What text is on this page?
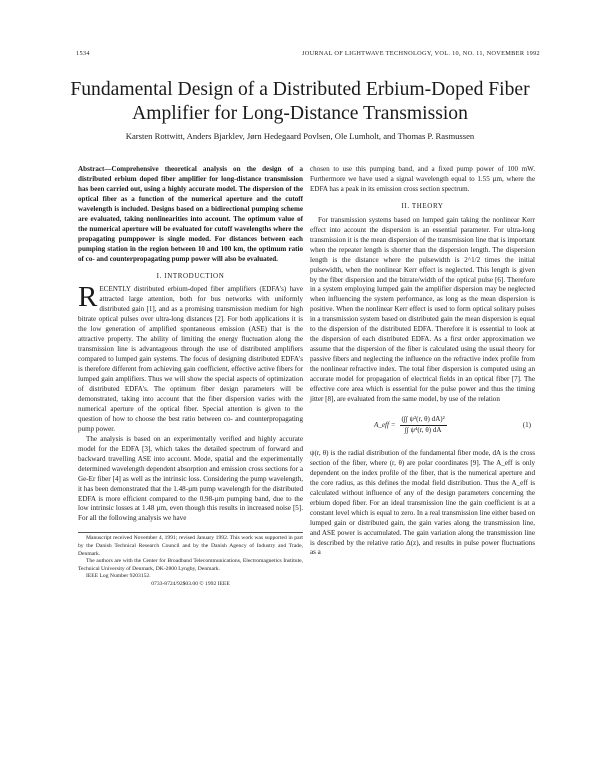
1534	JOURNAL OF LIGHTWAVE TECHNOLOGY, VOL. 10, NO. 11, NOVEMBER 1992
Fundamental Design of a Distributed Erbium-Doped Fiber Amplifier for Long-Distance Transmission
Karsten Rottwitt, Anders Bjarklev, Jørn Hedegaard Povlsen, Ole Lumholt, and Thomas P. Rasmussen

Abstract—Comprehensive theoretical analysis on the design of a distributed erbium doped fiber amplifier for long-distance transmission has been carried out, using a highly accurate model. The dispersion of the optical fiber as a function of the numerical aperture and the cutoff wavelength is included. Designs based on a bidirectional pumping scheme are evaluated, taking nonlinearities into account. The optimum value of the numerical aperture will be evaluated for cutoff wavelengths where the propagating pumppower is single moded. For distances between each pumping station in the region between 10 and 100 km, the optimum ratio of co- and counterpropagating pump power will also be evaluated.

I. INTRODUCTION

R ECENTLY distributed erbium-doped fiber amplifiers (EDFA's) have attracted large attention, both for bus networks with uniformly distributed gain [1], and as a promising transmission medium for high bitrate optical pulses over ultra-long distances [2]. For both applications it is the low generation of amplified spontaneous emission (ASE) that is the attractive property. The ability of limiting the energy fluctuation along the transmission line is advantageous through the use of distributed amplifiers compared to lumped gain systems. The focus of designing distributed EDFA's is therefore different from achieving gain coefficient, effective active fibers for lumped gain amplifiers. Thus we will show the special aspects of optimization of distributed EDFA's. The optimum fiber design parameters will be demonstrated, taking into account that the fiber dispersion varies with the numerical aperture of the optical fiber. Special attention is given to the question of how to choose the best ratio between co- and counterpropagating pump power.

The analysis is based on an experimentally verified and highly accurate model for the EDFA [3], which takes the detailed spectrum of forward and backward travelling ASE into account. Mode, spatial and the experimentally determined wavelength dependent absorption and emission cross sections for a Ge-Er fiber [4] as well as the intrinsic loss. Considering the pump wavelength, it has been demonstrated that the 1.48-µm pump wavelength for the distributed EDFA is more efficient compared to the 0.98-µm pumping band, due to the low intrinsic losses at 1.48 µm, even though this results in increased noise [5]. For all the following analysis we have

Manuscript received November 4, 1991; revised January 1992. This work was supported in part by the Danish Technical Research Council and by the Danish Agency of Industry and Trade, Denmark.

The authors are with the Center for Broadband Telecommunications, Electromagnetics Institute, Technical University of Denmark, DK-2800 Lyngby, Denmark.

IEEE Log Number 9203152.

0733-8724/92$03.00 © 1992 IEEE

chosen to use this pumping band, and a fixed pump power of 100 mW. Furthermore we have used a signal wavelength equal to 1.55 µm, where the EDFA has a peak in its emission cross section spectrum.

II. THEORY

For transmission systems based on lumped gain taking the nonlinear Kerr effect into account the dispersion is an essential parameter. For ultra-long transmission it is the mean dispersion of the transmission line that is important when the repeater length is shorter than the dispersion length. The dispersion length is the distance where the pulsewidth is 2^1/2 times the initial pulsewidth, when the nonlinear Kerr effect is neglected. This length is given by the fiber dispersion and the bitrate/width of the optical pulse [6]. Therefore in a system employing lumped gain the amplifier dispersion may be neglected when influencing the system performance, as long as the mean dispersion is positive. When the nonlinear Kerr effect is used to form optical solitary pulses in a transmission system based on distributed gain the mean dispersion is equal to the dispersion of the distributed EDFA. Therefore it is essential to look at the dispersion of each distributed EDFA. As a first order approximation we assume that the dispersion of the fiber is calculated using the usual theory for passive fibers and neglecting the influence on the refractive index profile from the nonlinear refractive index. The total fiber dispersion is computed using an accurate model for propagation of electrical fields in an optical fiber [7]. The effective core area which is essential for the pulse power and thus the timing jitter [8], are evaluated from the same model, by use of the relation

A_eff = $\frac{\text{(∫∫ ψ²(r, θ) dA)²}}{\text{∫∫ ψ⁴(r, θ) dA}}$	(1)

ψ(r, θ) is the radial distribution of the fundamental fiber mode, dA is the cross section of the fiber, where (r, θ) are polar coordinates [9]. The A_eff is only dependent on the index profile of the fiber, that is the numerical aperture and the core radius, as this defines the modal field distribution. Thus the A_eff is calculated without influence of any of the design parameters concerning the erbium doped fiber. For an ideal transmission line the gain coefficient is at a constant level which is equal to zero. In a real transmission line either based on lumped gain or distributed gain, the gain varies along the transmission line, and ASE power is accumulated. The gain variation along the transmission line is described by the relative ratio Δ(z), and results in pulse power fluctuations as a
